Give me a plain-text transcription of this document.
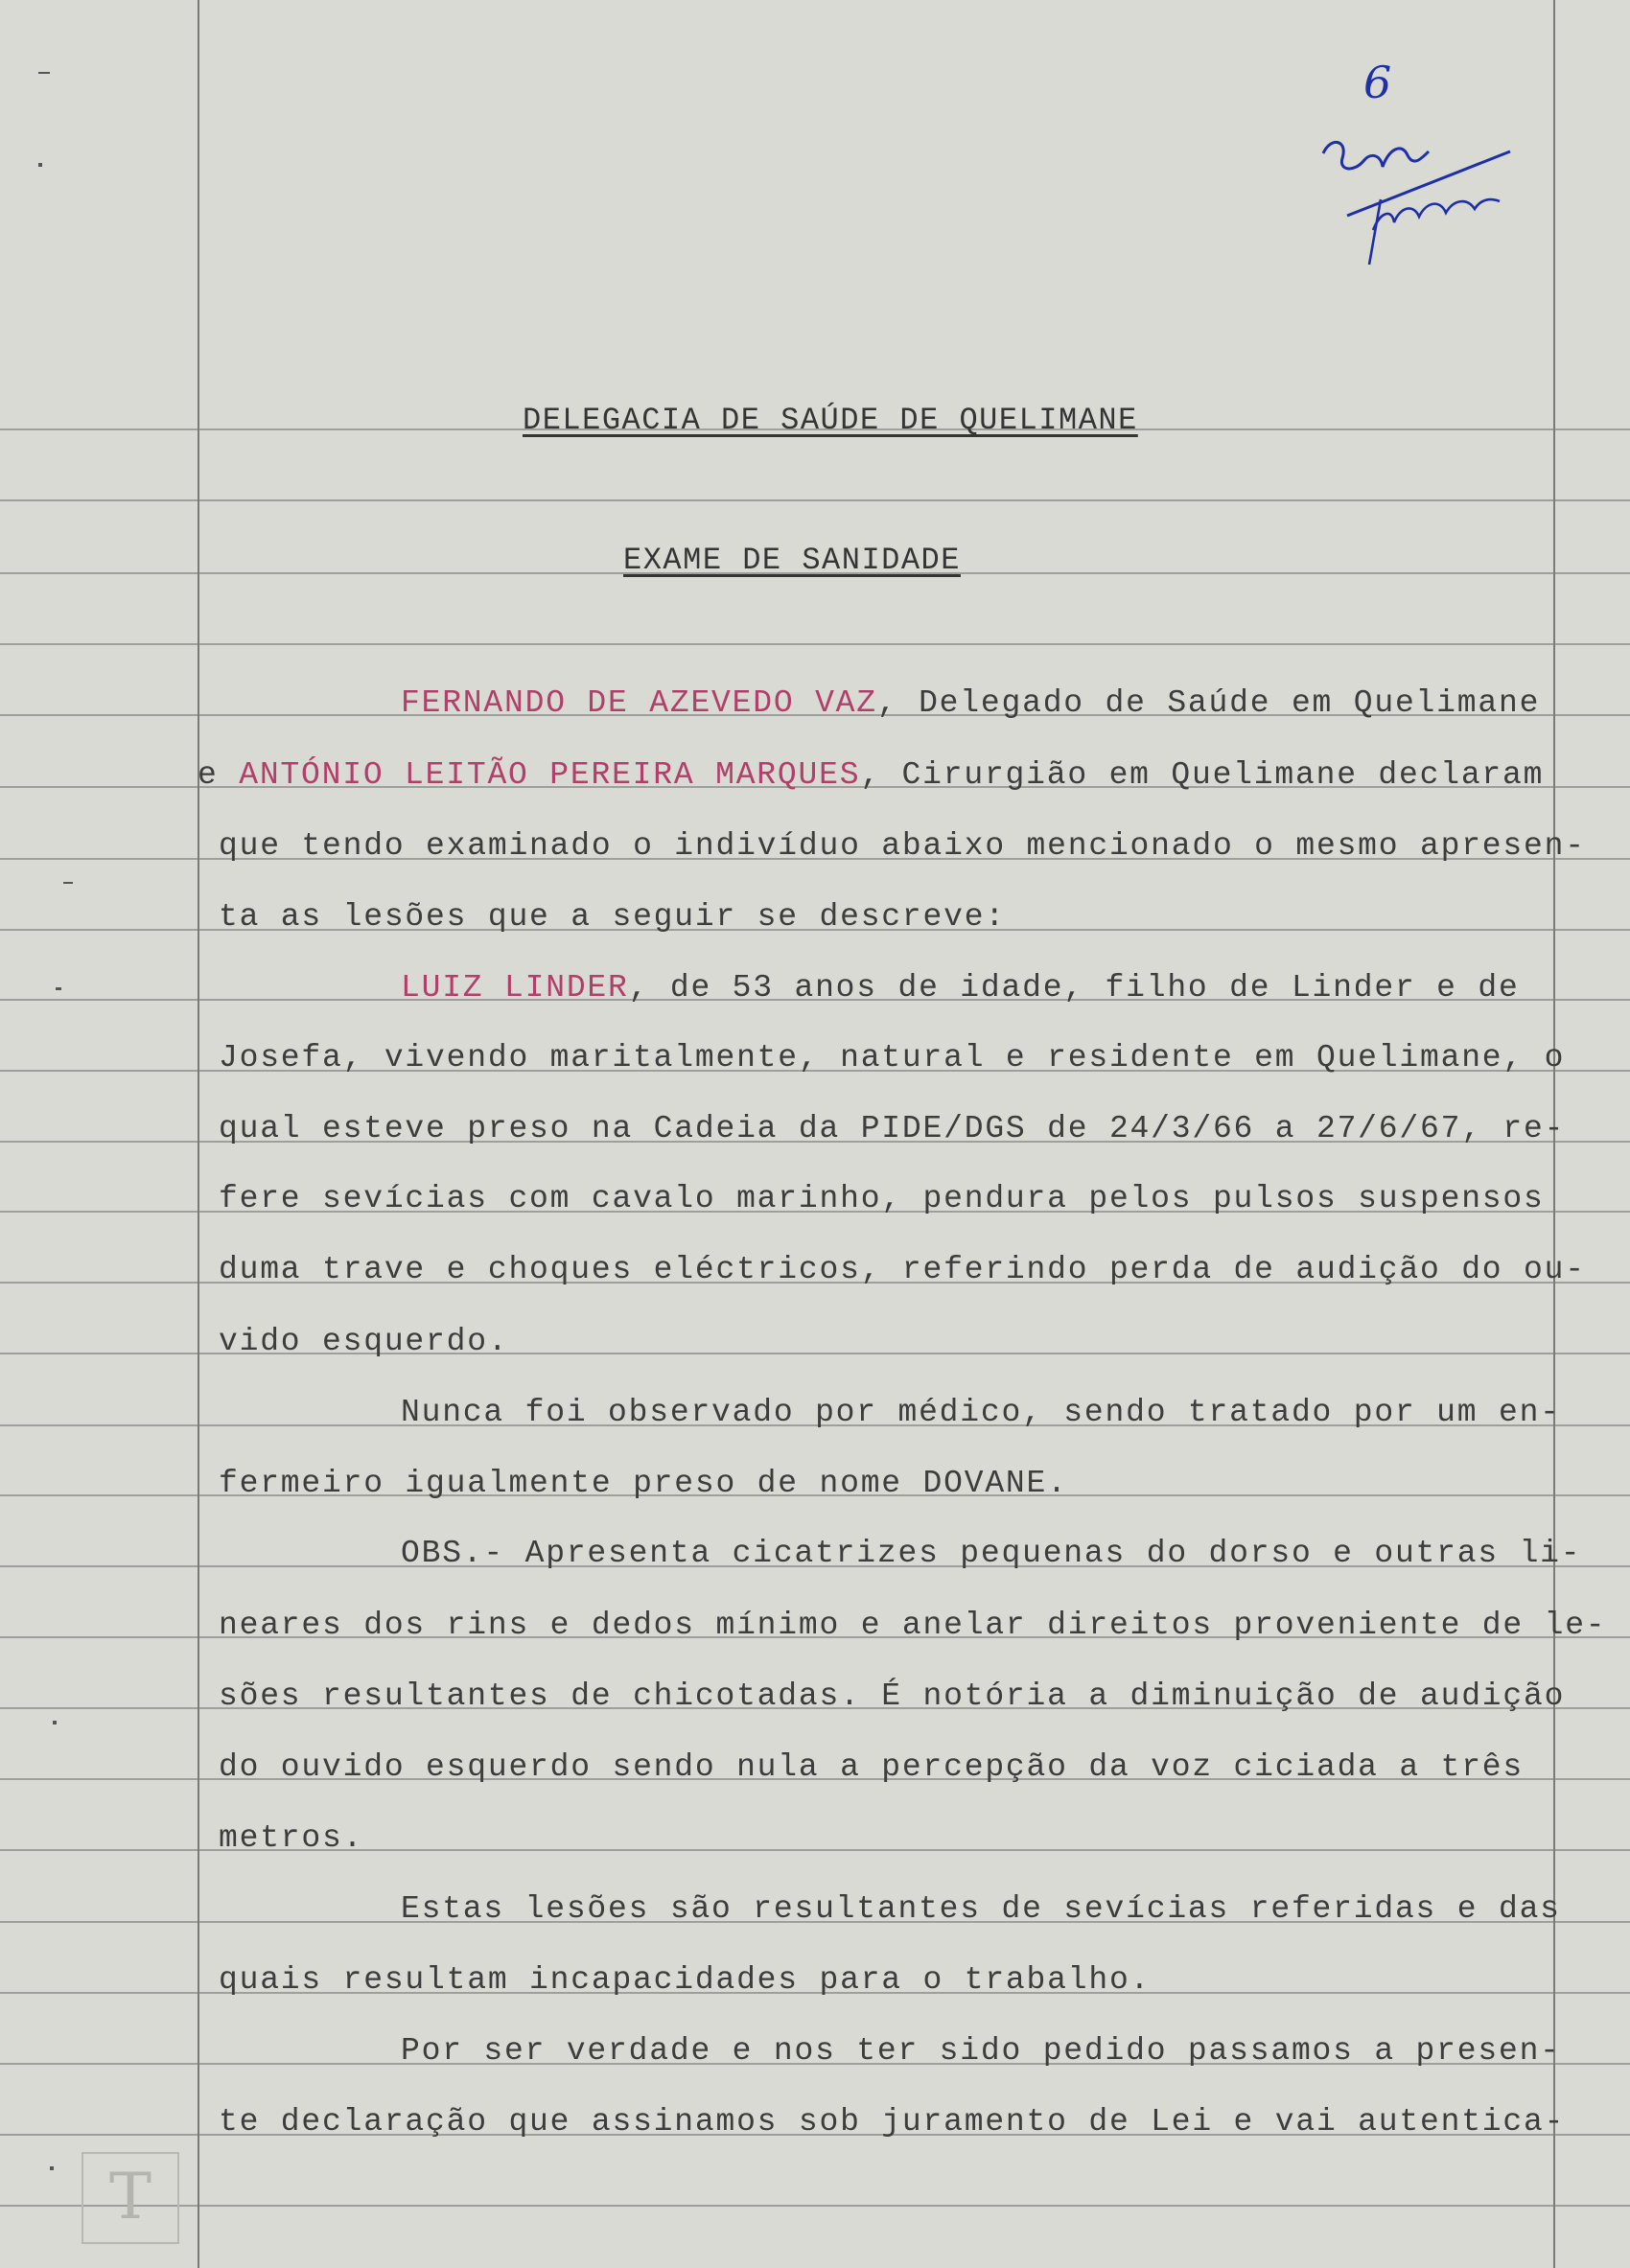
6
DELEGACIA DE SAÚDE DE QUELIMANE
EXAME DE SANIDADE
FERNANDO DE AZEVEDO VAZ, Delegado de Saúde em Quelimane
e ANTÓNIO LEITÃO PEREIRA MARQUES, Cirurgião em Quelimane declaram
que tendo examinado o indivíduo abaixo mencionado o mesmo apresen-
ta as lesões que a seguir se descreve:
LUIZ LINDER, de 53 anos de idade, filho de Linder e de
Josefa, vivendo maritalmente, natural e residente em Quelimane, o
qual esteve preso na Cadeia da PIDE/DGS de 24/3/66 a 27/6/67, re-
fere sevícias com cavalo marinho, pendura pelos pulsos suspensos
duma trave e choques eléctricos, referindo perda de audição do ou-
vido esquerdo.
Nunca foi observado por médico, sendo tratado por um en-
fermeiro igualmente preso de nome DOVANE.
OBS.- Apresenta cicatrizes pequenas do dorso e outras li-
neares dos rins e dedos mínimo e anelar direitos proveniente de le-
sões resultantes de chicotadas. É notória a diminuição de audição
do ouvido esquerdo sendo nula a percepção da voz ciciada a três
metros.
Estas lesões são resultantes de sevícias referidas e das
quais resultam incapacidades para o trabalho.
Por ser verdade e nos ter sido pedido passamos a presen-
te declaração que assinamos sob juramento de Lei e vai autentica-
T
